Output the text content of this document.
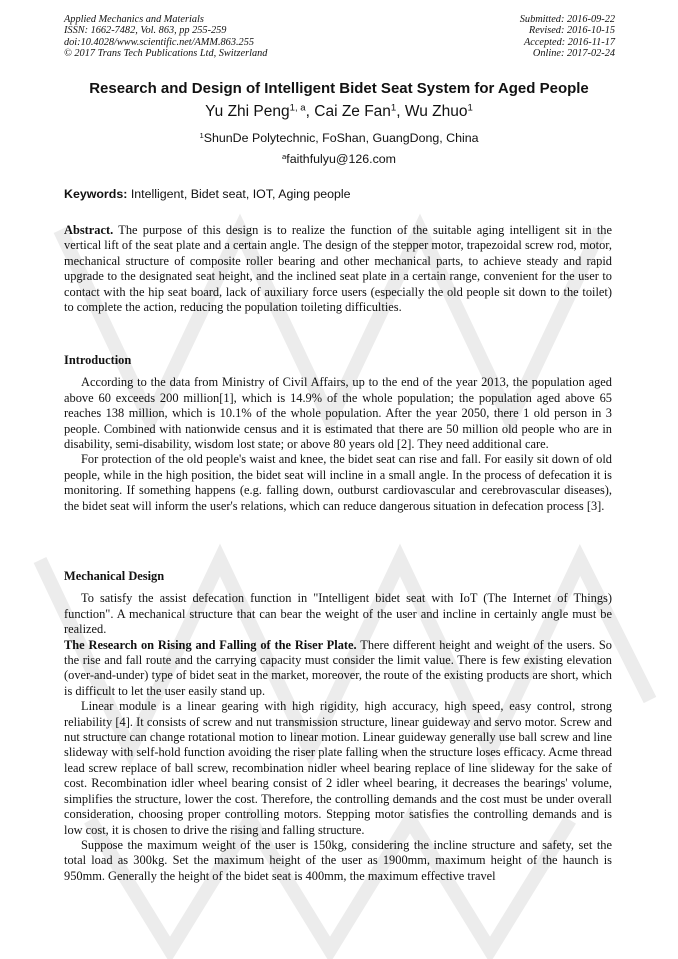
Applied Mechanics and Materials
ISSN: 1662-7482, Vol. 863, pp 255-259
doi:10.4028/www.scientific.net/AMM.863.255
© 2017 Trans Tech Publications Ltd, Switzerland
Submitted: 2016-09-22
Revised: 2016-10-15
Accepted: 2016-11-17
Online: 2017-02-24
Research and Design of Intelligent Bidet Seat System for Aged People
Yu Zhi Peng$^{1, a}$, Cai Ze Fan$^1$, Wu Zhuo$^1$
$^1$ShunDe Polytechnic, FoShan, GuangDong, China
$^a$faithfulyu@126.com
Keywords: Intelligent, Bidet seat, IOT, Aging people

Abstract. The purpose of this design is to realize the function of the suitable aging intelligent sit in the vertical lift of the seat plate and a certain angle. The design of the stepper motor, trapezoidal screw rod, motor, mechanical structure of composite roller bearing and other mechanical parts, to achieve steady and rapid upgrade to the designated seat height, and the inclined seat plate in a certain range, convenient for the user to contact with the hip seat board, lack of auxiliary force users (especially the old people sit down to the toilet) to complete the action, reducing the population toileting difficulties.

Introduction

According to the data from Ministry of Civil Affairs, up to the end of the year 2013, the population aged above 60 exceeds 200 million[1], which is 14.9% of the whole population; the population aged above 65 reaches 138 million, which is 10.1% of the whole population. After the year 2050, there 1 old person in 3 people. Combined with nationwide census and it is estimated that there are 50 million old people who are in disability, semi-disability, wisdom lost state; or above 80 years old [2]. They need additional care.

For protection of the old people's waist and knee, the bidet seat can rise and fall. For easily sit down of old people, while in the high position, the bidet seat will incline in a small angle. In the process of defecation it is monitoring. If something happens (e.g. falling down, outburst cardiovascular and cerebrovascular diseases), the bidet seat will inform the user's relations, which can reduce dangerous situation in defecation process [3].

Mechanical Design

To satisfy the assist defecation function in "Intelligent bidet seat with IoT (The Internet of Things) function". A mechanical structure that can bear the weight of the user and incline in certainly angle must be realized.

The Research on Rising and Falling of the Riser Plate. There different height and weight of the users. So the rise and fall route and the carrying capacity must consider the limit value. There is few existing elevation (over-and-under) type of bidet seat in the market, moreover, the route of the existing products are short, which is difficult to let the user easily stand up.

Linear module is a linear gearing with high rigidity, high accuracy, high speed, easy control, strong reliability [4]. It consists of screw and nut transmission structure, linear guideway and servo motor. Screw and nut structure can change rotational motion to linear motion. Linear guideway generally use ball screw and line slideway with self-hold function avoiding the riser plate falling when the structure loses efficacy. Acme thread lead screw replace of ball screw, recombination nidler wheel bearing replace of line slideway for the sake of cost. Recombination idler wheel bearing consist of 2 idler wheel bearing, it decreases the bearings' volume, simplifies the structure, lower the cost. Therefore, the controlling demands and the cost must be under overall consideration, choosing proper controlling motors. Stepping motor satisfies the controlling demands and is low cost, it is chosen to drive the rising and falling structure.

Suppose the maximum weight of the user is 150kg, considering the incline structure and safety, set the total load as 300kg. Set the maximum height of the user as 1900mm, maximum height of the haunch is 950mm. Generally the height of the bidet seat is 400mm, the maximum effective travel
